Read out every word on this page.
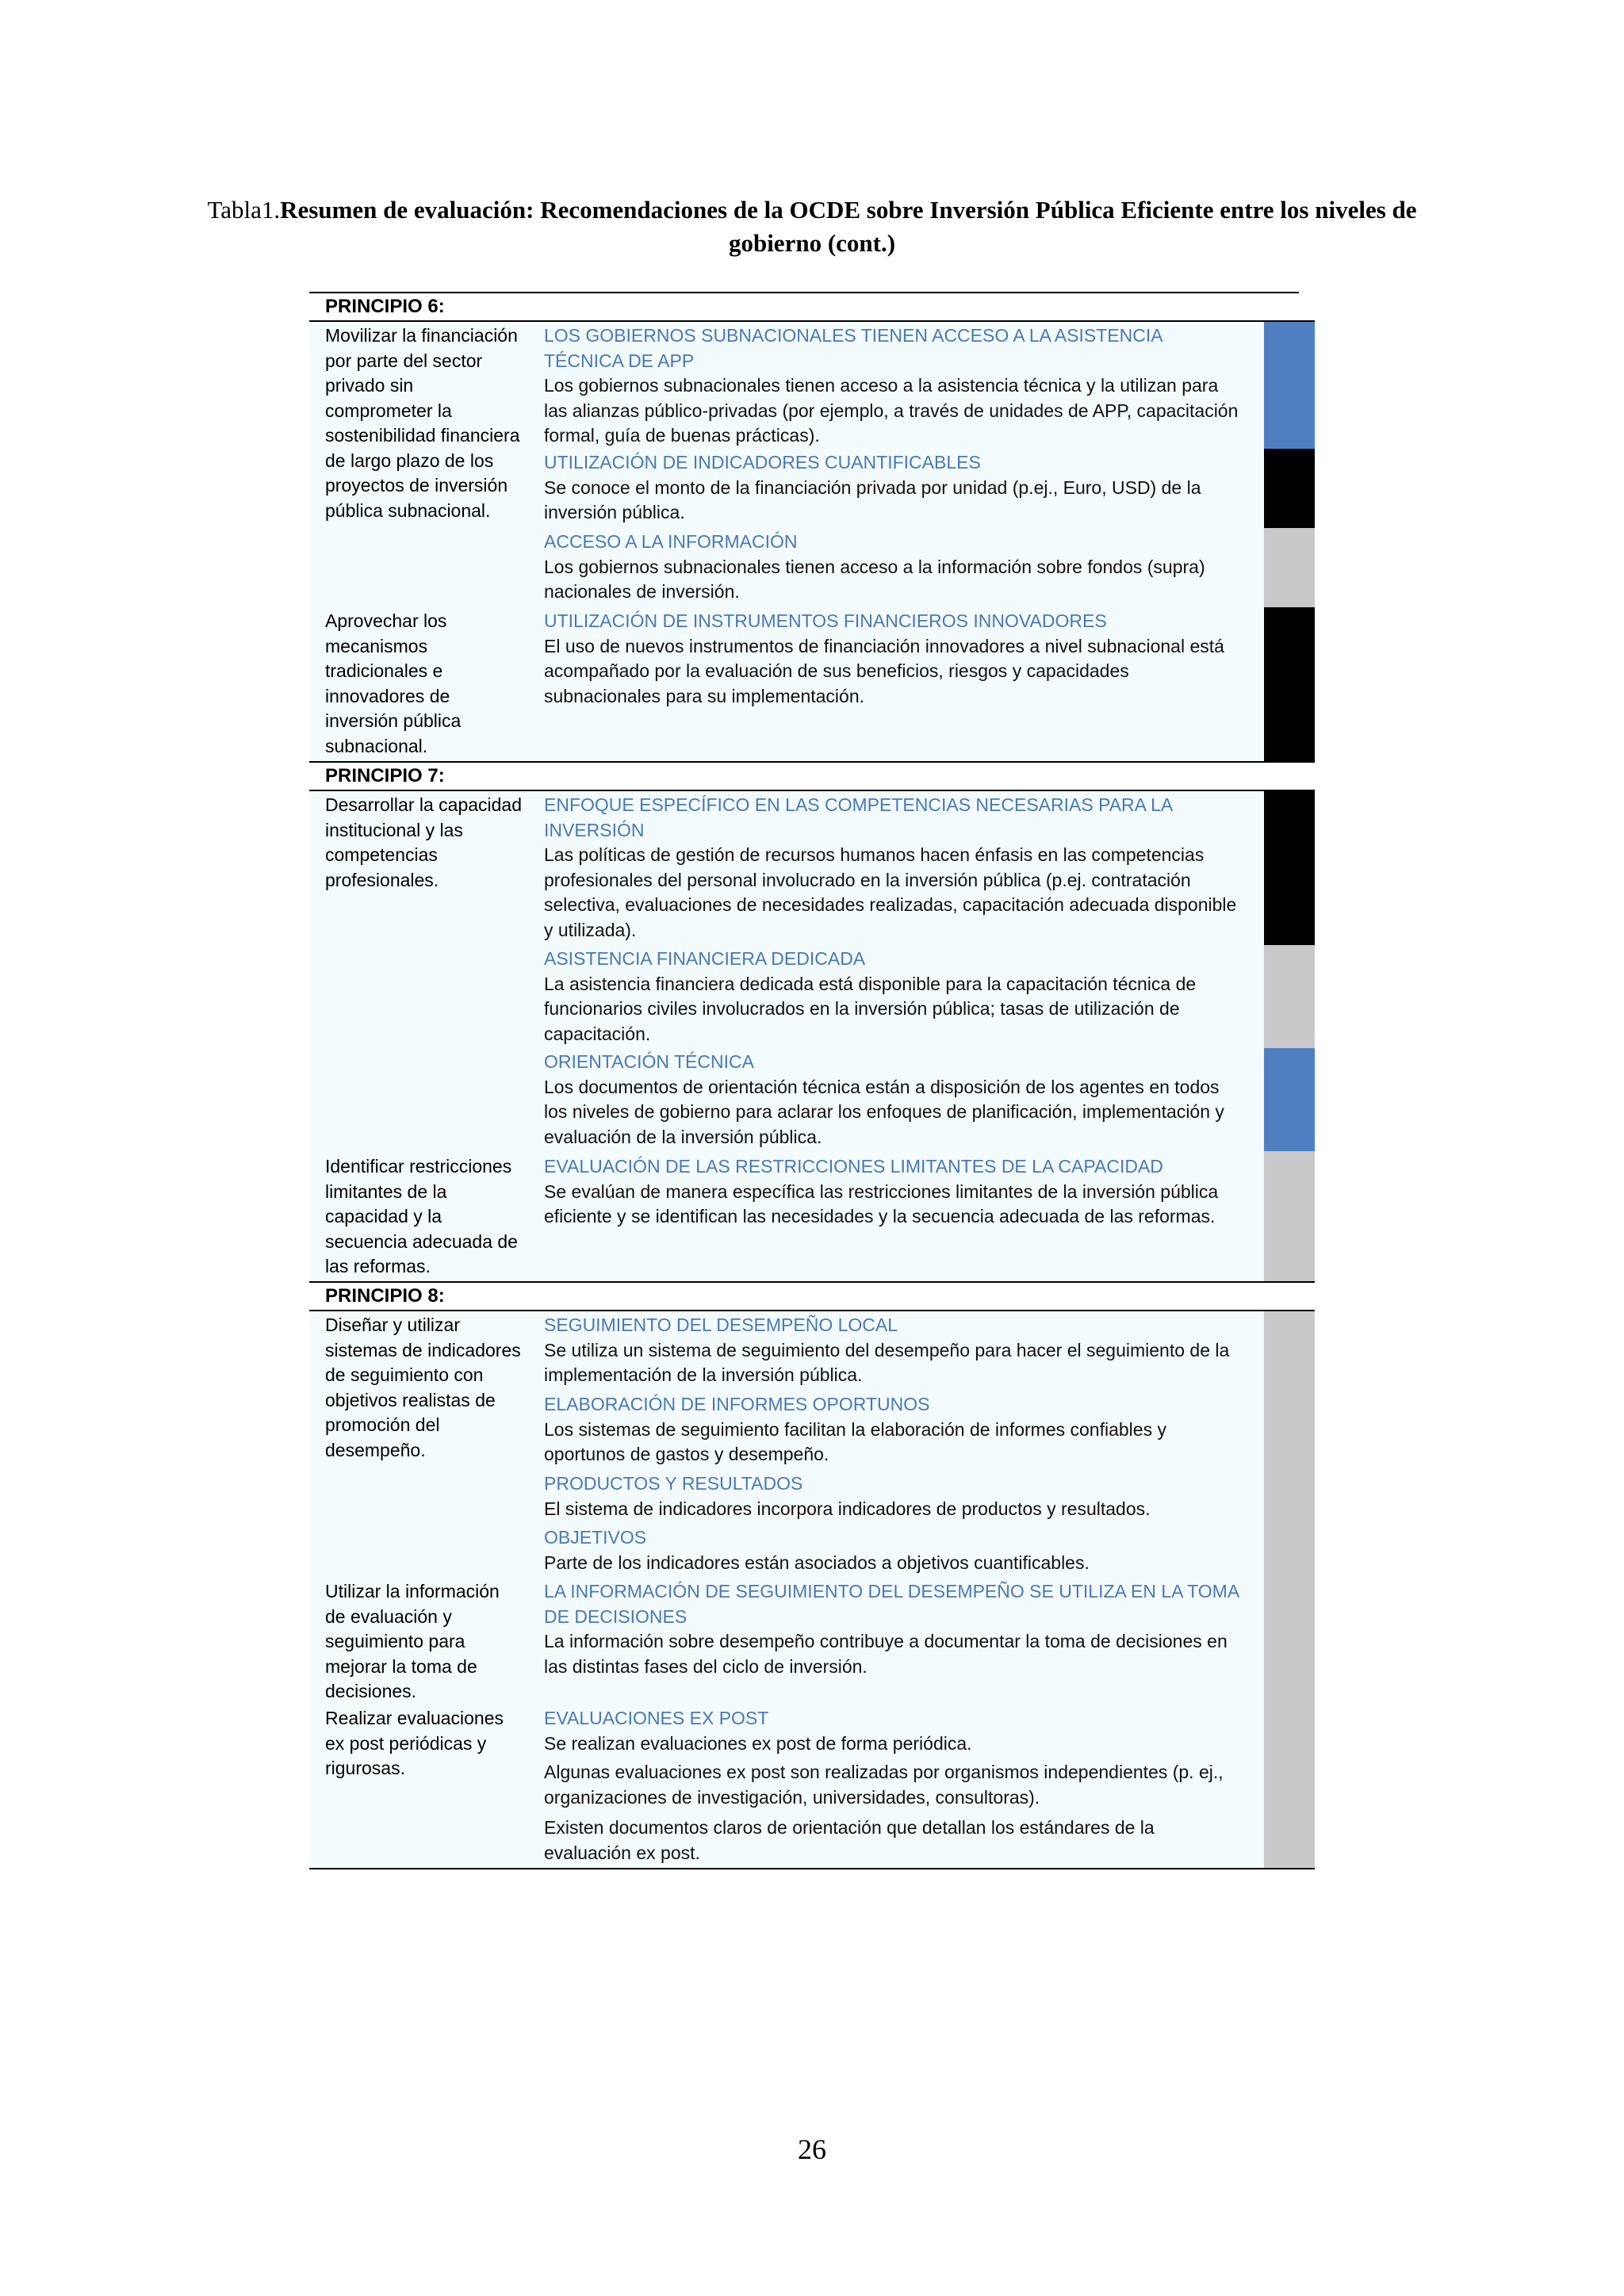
Tabla1.Resumen de evaluación: Recomendaciones de la OCDE sobre Inversión Pública Eficiente entre los niveles de gobierno (cont.)
PRINCIPIO 6:
Movilizar la financiación por parte del sector privado sin comprometer la sostenibilidad financiera de largo plazo de los proyectos de inversión pública subnacional.
Aprovechar los mecanismos tradicionales e innovadores de inversión pública subnacional.
LOS GOBIERNOS SUBNACIONALES TIENEN ACCESO A LA ASISTENCIA TÉCNICA DE APP
Los gobiernos subnacionales tienen acceso a la asistencia técnica y la utilizan para las alianzas público-privadas (por ejemplo, a través de unidades de APP, capacitación formal, guía de buenas prácticas).
UTILIZACIÓN DE INDICADORES CUANTIFICABLES
Se conoce el monto de la financiación privada por unidad (p.ej., Euro, USD) de la inversión pública.
ACCESO A LA INFORMACIÓN
Los gobiernos subnacionales tienen acceso a la información sobre fondos (supra) nacionales de inversión.
UTILIZACIÓN DE INSTRUMENTOS FINANCIEROS INNOVADORES
El uso de nuevos instrumentos de financiación innovadores a nivel subnacional está acompañado por la evaluación de sus beneficios, riesgos y capacidades subnacionales para su implementación.
PRINCIPIO 7:
Desarrollar la capacidad institucional y las competencias profesionales.
Identificar restricciones limitantes de la capacidad y la secuencia adecuada de las reformas.
ENFOQUE ESPECÍFICO EN LAS COMPETENCIAS NECESARIAS PARA LA INVERSIÓN
Las políticas de gestión de recursos humanos hacen énfasis en las competencias profesionales del personal involucrado en la inversión pública (p.ej. contratación selectiva, evaluaciones de necesidades realizadas, capacitación adecuada disponible y utilizada).
ASISTENCIA FINANCIERA DEDICADA
La asistencia financiera dedicada está disponible para la capacitación técnica de funcionarios civiles involucrados en la inversión pública; tasas de utilización de capacitación.
ORIENTACIÓN TÉCNICA
Los documentos de orientación técnica están a disposición de los agentes en todos los niveles de gobierno para aclarar los enfoques de planificación, implementación y evaluación de la inversión pública.
EVALUACIÓN DE LAS RESTRICCIONES LIMITANTES DE LA CAPACIDAD
Se evalúan de manera específica las restricciones limitantes de la inversión pública eficiente y se identifican las necesidades y la secuencia adecuada de las reformas.
PRINCIPIO 8:
Diseñar y utilizar sistemas de indicadores de seguimiento con objetivos realistas de promoción del desempeño.
Utilizar la información de evaluación y seguimiento para mejorar la toma de decisiones.
Realizar evaluaciones ex post periódicas y rigurosas.
SEGUIMIENTO DEL DESEMPEÑO LOCAL
Se utiliza un sistema de seguimiento del desempeño para hacer el seguimiento de la implementación de la inversión pública.
ELABORACIÓN DE INFORMES OPORTUNOS
Los sistemas de seguimiento facilitan la elaboración de informes confiables y oportunos de gastos y desempeño.
PRODUCTOS Y RESULTADOS
El sistema de indicadores incorpora indicadores de productos y resultados.
OBJETIVOS
Parte de los indicadores están asociados a objetivos cuantificables.
LA INFORMACIÓN DE SEGUIMIENTO DEL DESEMPEÑO SE UTILIZA EN LA TOMA DE DECISIONES
La información sobre desempeño contribuye a documentar la toma de decisiones en las distintas fases del ciclo de inversión.
EVALUACIONES EX POST
Se realizan evaluaciones ex post de forma periódica.
Algunas evaluaciones ex post son realizadas por organismos independientes (p. ej., organizaciones de investigación, universidades, consultoras).
Existen documentos claros de orientación que detallan los estándares de la evaluación ex post.
26
